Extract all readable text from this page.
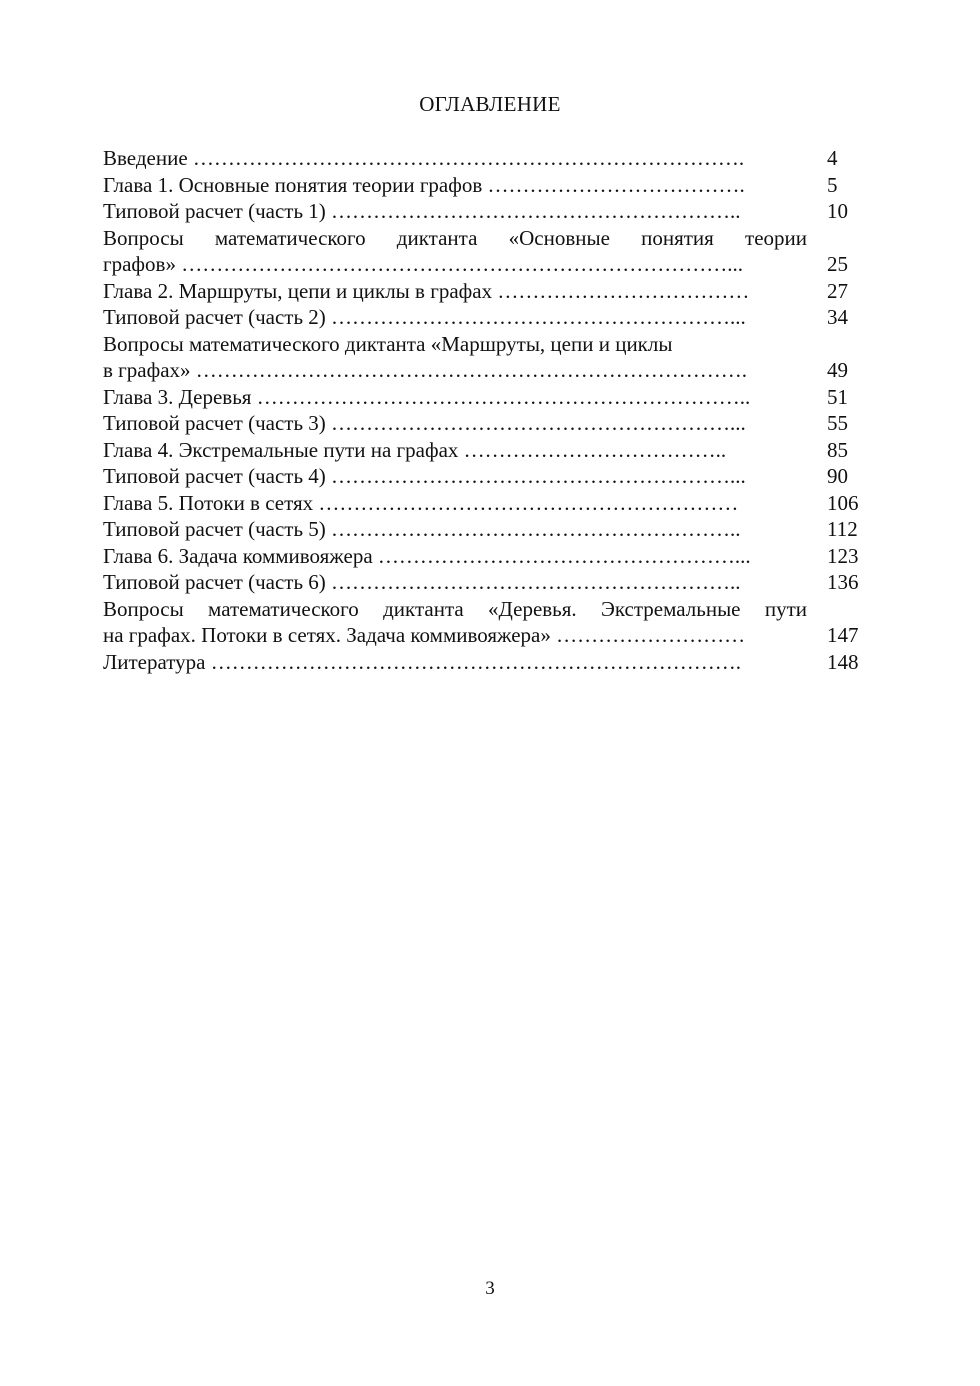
ОГЛАВЛЕНИЕ
Введение …………………………………………………………………….	4
Глава 1. Основные понятия теории графов ……………………………….	5
Типовой расчет (часть 1) …………………………………………………..	10
Вопросы математического диктанта «Основные понятия теории
графов» ……………………………………………………………………...	25
Глава 2. Маршруты, цепи и циклы в графах ………………………………	27
Типовой расчет (часть 2) …………………………………………………...	34
Вопросы математического диктанта «Маршруты, цепи и циклы
в графах» …………………………………………………………………….	49
Глава 3. Деревья ……………………………………………………………..	51
Типовой расчет (часть 3) …………………………………………………...	55
Глава 4. Экстремальные пути на графах ………………………………..	85
Типовой расчет (часть 4) …………………………………………………...	90
Глава 5. Потоки в сетях ……………………………………………………	106
Типовой расчет (часть 5) …………………………………………………..	112
Глава 6. Задача коммивояжера ……………………………………………...	123
Типовой расчет (часть 6) …………………………………………………..	136
Вопросы математического диктанта «Деревья. Экстремальные пути
на графах. Потоки в сетях. Задача коммивояжера» ………………………	147
Литература ………………………………………………………………….	148
3
